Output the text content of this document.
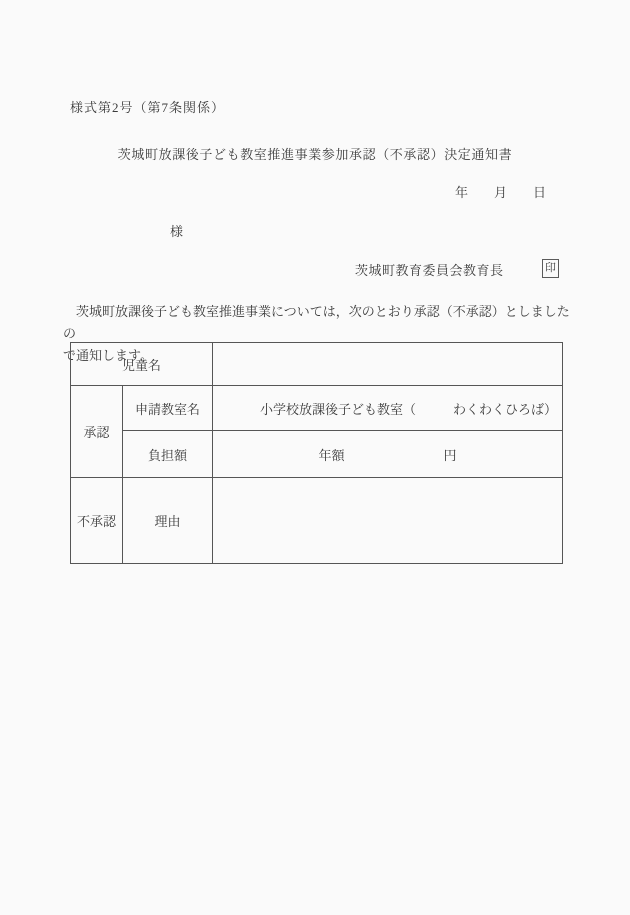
様式第2号（第7条関係）
茨城町放課後子ども教室推進事業参加承認（不承認）決定通知書
年　　月　　日
様
茨城町教育委員会教育長	印
茨城町放課後子ども教室推進事業については，次のとおり承認（不承認）としましたの
で通知します。
児童名		
承認	申請教室名	小学校放課後子ども教室（ わくわくひろば）

	負担額	年額 円

不承認	理由	
